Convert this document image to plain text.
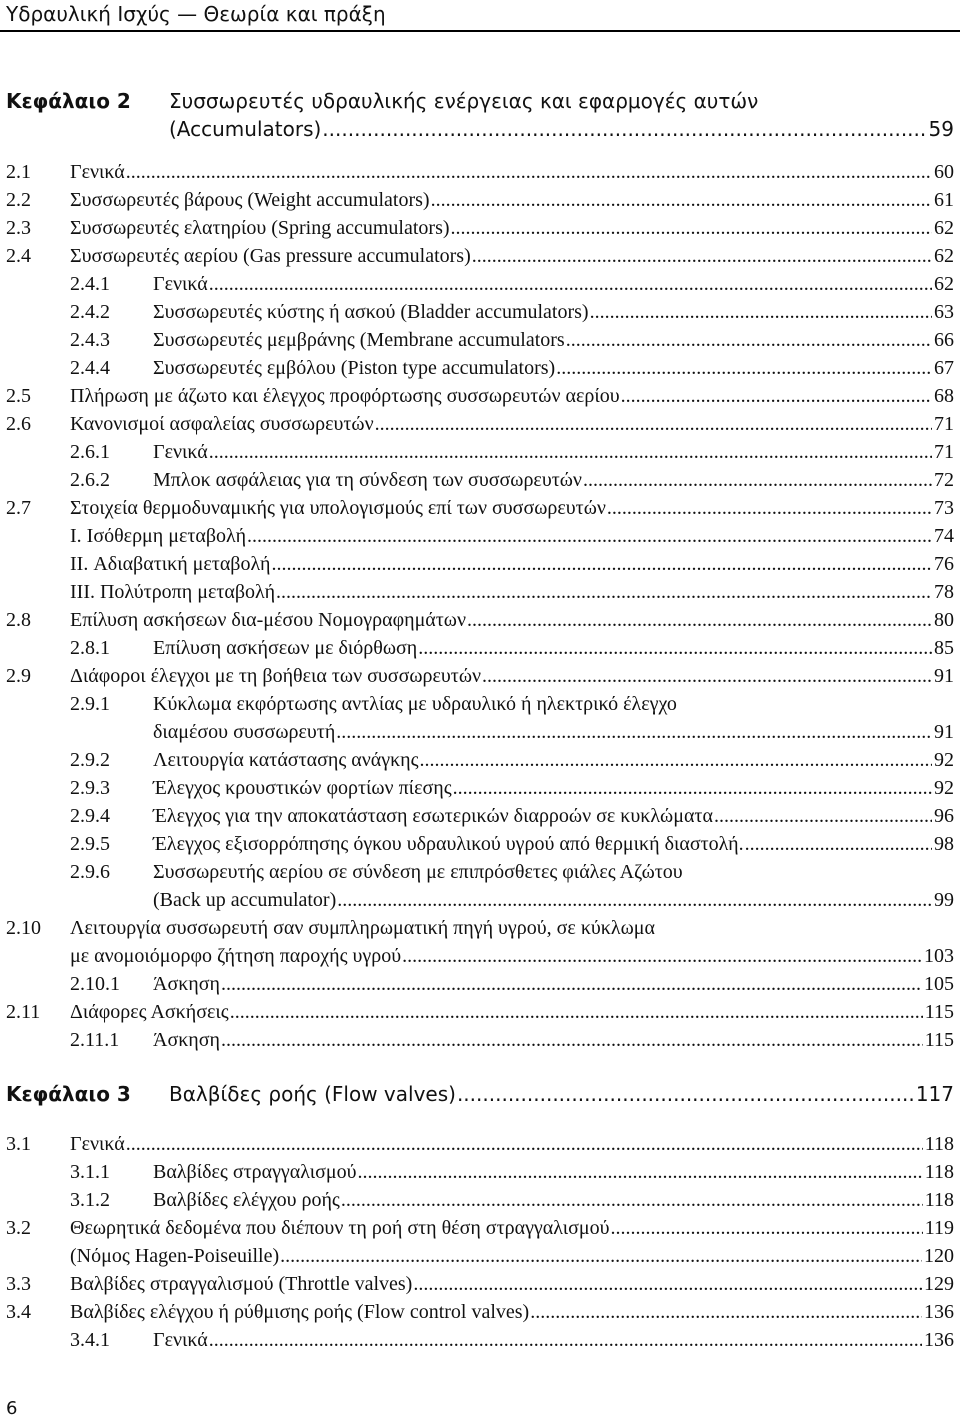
Υδραυλική Ισχύς — Θεωρία και πράξη
Κεφάλαιο 2 Συσσωρευτές υδραυλικής ενέργειας και εφαρμογές αυτών
(Accumulators) .....	59
2.1 Γενικά .....	60
2.2 Συσσωρευτές βάρους (Weight accumulators) .....	61
2.3 Συσσωρευτές ελατηρίου (Spring accumulators) .....	62
2.4 Συσσωρευτές αερίου (Gas pressure accumulators) .....	62
2.4.1 Γενικά .....	62
2.4.2 Συσσωρευτές κύστης ή ασκού (Bladder accumulators) .....	63
2.4.3 Συσσωρευτές μεμβράνης (Membrane accumulators .....	66
2.4.4 Συσσωρευτές εμβόλου (Piston type accumulators) .....	67
2.5 Πλήρωση με άζωτο και έλεγχος προφόρτωσης συσσωρευτών αερίου .....	68
2.6 Κανονισμοί ασφαλείας συσσωρευτών .....	71
2.6.1 Γενικά .....	71
2.6.2 Μπλοκ ασφάλειας για τη σύνδεση των συσσωρευτών .....	72
2.7 Στοιχεία θερμοδυναμικής για υπολογισμούς επί των συσσωρευτών .....	73
I. Ισόθερμη μεταβολή .....	74
II. Αδιαβατική μεταβολή .....	76
III. Πολύτροπη μεταβολή .....	78
2.8 Επίλυση ασκήσεων δια-μέσου Νομογραφημάτων .....	80
2.8.1 Επίλυση ασκήσεων με διόρθωση .....	85
2.9 Διάφοροι έλεγχοι με τη βοήθεια των συσσωρευτών .....	91
2.9.1 Κύκλωμα εκφόρτωσης αντλίας με υδραυλικό ή ηλεκτρικό έλεγχο
διαμέσου συσσωρευτή .....	91
2.9.2 Λειτουργία κατάστασης ανάγκης .....	92
2.9.3 Έλεγχος κρουστικών φορτίων πίεσης .....	92
2.9.4 Έλεγχος για την αποκατάσταση εσωτερικών διαρροών σε κυκλώματα .....	96
2.9.5 Έλεγχος εξισορρόπησης όγκου υδραυλικού υγρού από θερμική διαστολή. .....	98
2.9.6 Συσσωρευτής αερίου σε σύνδεση με επιπρόσθετες φιάλες Αζώτου
(Back up accumulator) .....	99
2.10 Λειτουργία συσσωρευτή σαν συμπληρωματική πηγή υγρού, σε κύκλωμα
με ανομοιόμορφο ζήτηση παροχής υγρού .....	103
2.10.1 Άσκηση .....	105
2.11 Διάφορες Ασκήσεις .....	115
2.11.1 Άσκηση .....	115
Κεφάλαιο 3 Βαλβίδες ροής (Flow valves) .....	117
3.1 Γενικά .....	118
3.1.1 Βαλβίδες στραγγαλισμού .....	118
3.1.2 Βαλβίδες ελέγχου ροής .....	118
3.2 Θεωρητικά δεδομένα που διέπουν τη ροή στη θέση στραγγαλισμού .....	119
(Νόμος Hagen-Poiseuille) .....	120
3.3 Βαλβίδες στραγγαλισμού (Throttle valves) .....	129
3.4 Βαλβίδες ελέγχου ή ρύθμισης ροής (Flow control valves) .....	136
3.4.1 Γενικά .....	136
6
